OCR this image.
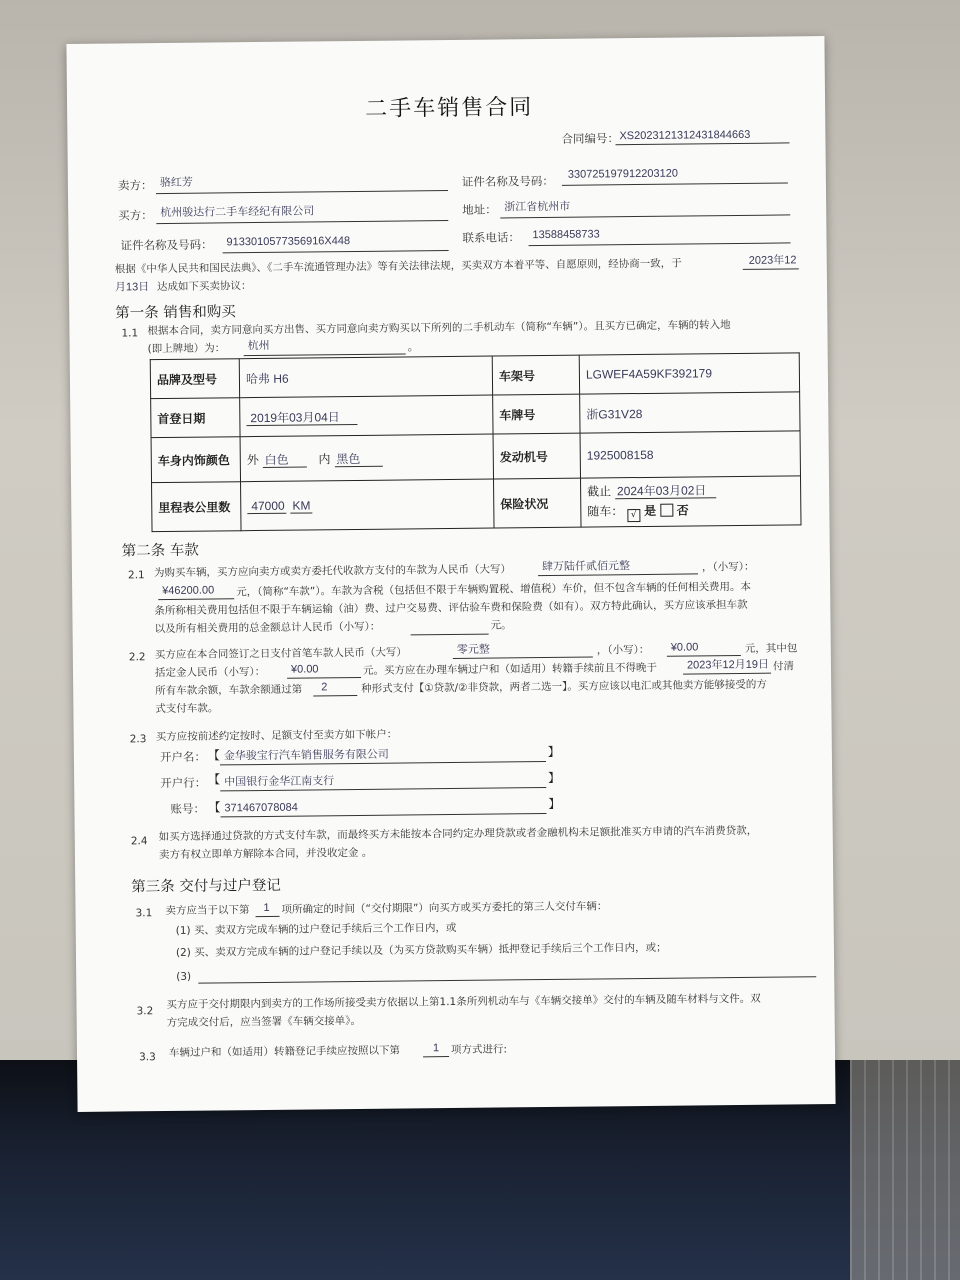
二手车销售合同
合同编号： XS2023121312431844663
卖方： 骆红芳	证件名称及号码： 330725197912203120
买方： 杭州骏达行二手车经纪有限公司	地址： 浙江省杭州市
证件名称及号码： 9133010577356916X448	联系电话： 13588458733
根据《中华人民共和国民法典》、《二手车流通管理办法》等有关法律法规，买卖双方本着平等、自愿原则，经协商一致，于	2023年12
月13日 达成如下买卖协议：
第一条 销售和购买
1.1 根据本合同，卖方同意向买方出售、买方同意向卖方购买以下所列的二手机动车（简称“车辆”）。且买方已确定，车辆的转入地
(即上牌地）为： 杭州	。
品牌及型号	哈弗 H6	车架号	LGWEF4A59KF392179
首登日期	2019年03月04日	车牌号	浙G31V28
车身内饰颜色	外 白色 内 黑色	发动机号	1925008158
里程表公里数	47000 KM	保险状况	截止 2024年03月02日
随车： √ 是 否
第二条 车款
2.1 为购买车辆，买方应向卖方或卖方委托代收款方支付的车款为人民币（大写）	肆万陆仟贰佰元整	，（小写）：
¥46200.00 元，（简称“车款”）。车款为含税（包括但不限于车辆购置税、增值税）车价，但不包含车辆的任何相关费用。本
条所称相关费用包括但不限于车辆运输（油）费、过户交易费、评估验车费和保险费（如有）。双方特此确认，买方应该承担车款
以及所有相关费用的总金额总计人民币（小写）：	元。
2.2 买方应在本合同签订之日支付首笔车款人民币（大写）	零元整	，（小写）： ¥0.00	元，其中包
括定金人民币（小写）： ¥0.00	元。买方应在办理车辆过户和（如适用）转籍手续前且不得晚于	2023年12月19日 付清
所有车款余额，车款余额通过第 2	种形式支付【①贷款/②非贷款，两者二选一】。买方应该以电汇或其他卖方能够接受的方
式支付车款。
2.3 买方应按前述约定按时、足额支付至卖方如下帐户：
开户名： 【 金华骏宝行汽车销售服务有限公司	】
开户行： 【 中国银行金华江南支行	】
账号： 【 371467078084	】
2.4 如买方选择通过贷款的方式支付车款，而最终买方未能按本合同约定办理贷款或者金融机构未足额批准买方申请的汽车消费贷款，
卖方有权立即单方解除本合同，并没收定金 。
第三条 交付与过户登记
3.1 卖方应当于以下第 1 项所确定的时间（“交付期限”）向买方或买方委托的第三人交付车辆：
(1) 买、卖双方完成车辆的过户登记手续后三个工作日内，或
(2) 买、卖双方完成车辆的过户登记手续以及（为买方贷款购买车辆）抵押登记手续后三个工作日内，或；
(3)
3.2
买方应于交付期限内到卖方的工作场所接受卖方依据以上第1.1条所列机动车与《车辆交接单》交付的车辆及随车材料与文件。双
方完成交付后，应当签署《车辆交接单》。
3.3 车辆过户和（如适用）转籍登记手续应按照以下第	1 项方式进行:
